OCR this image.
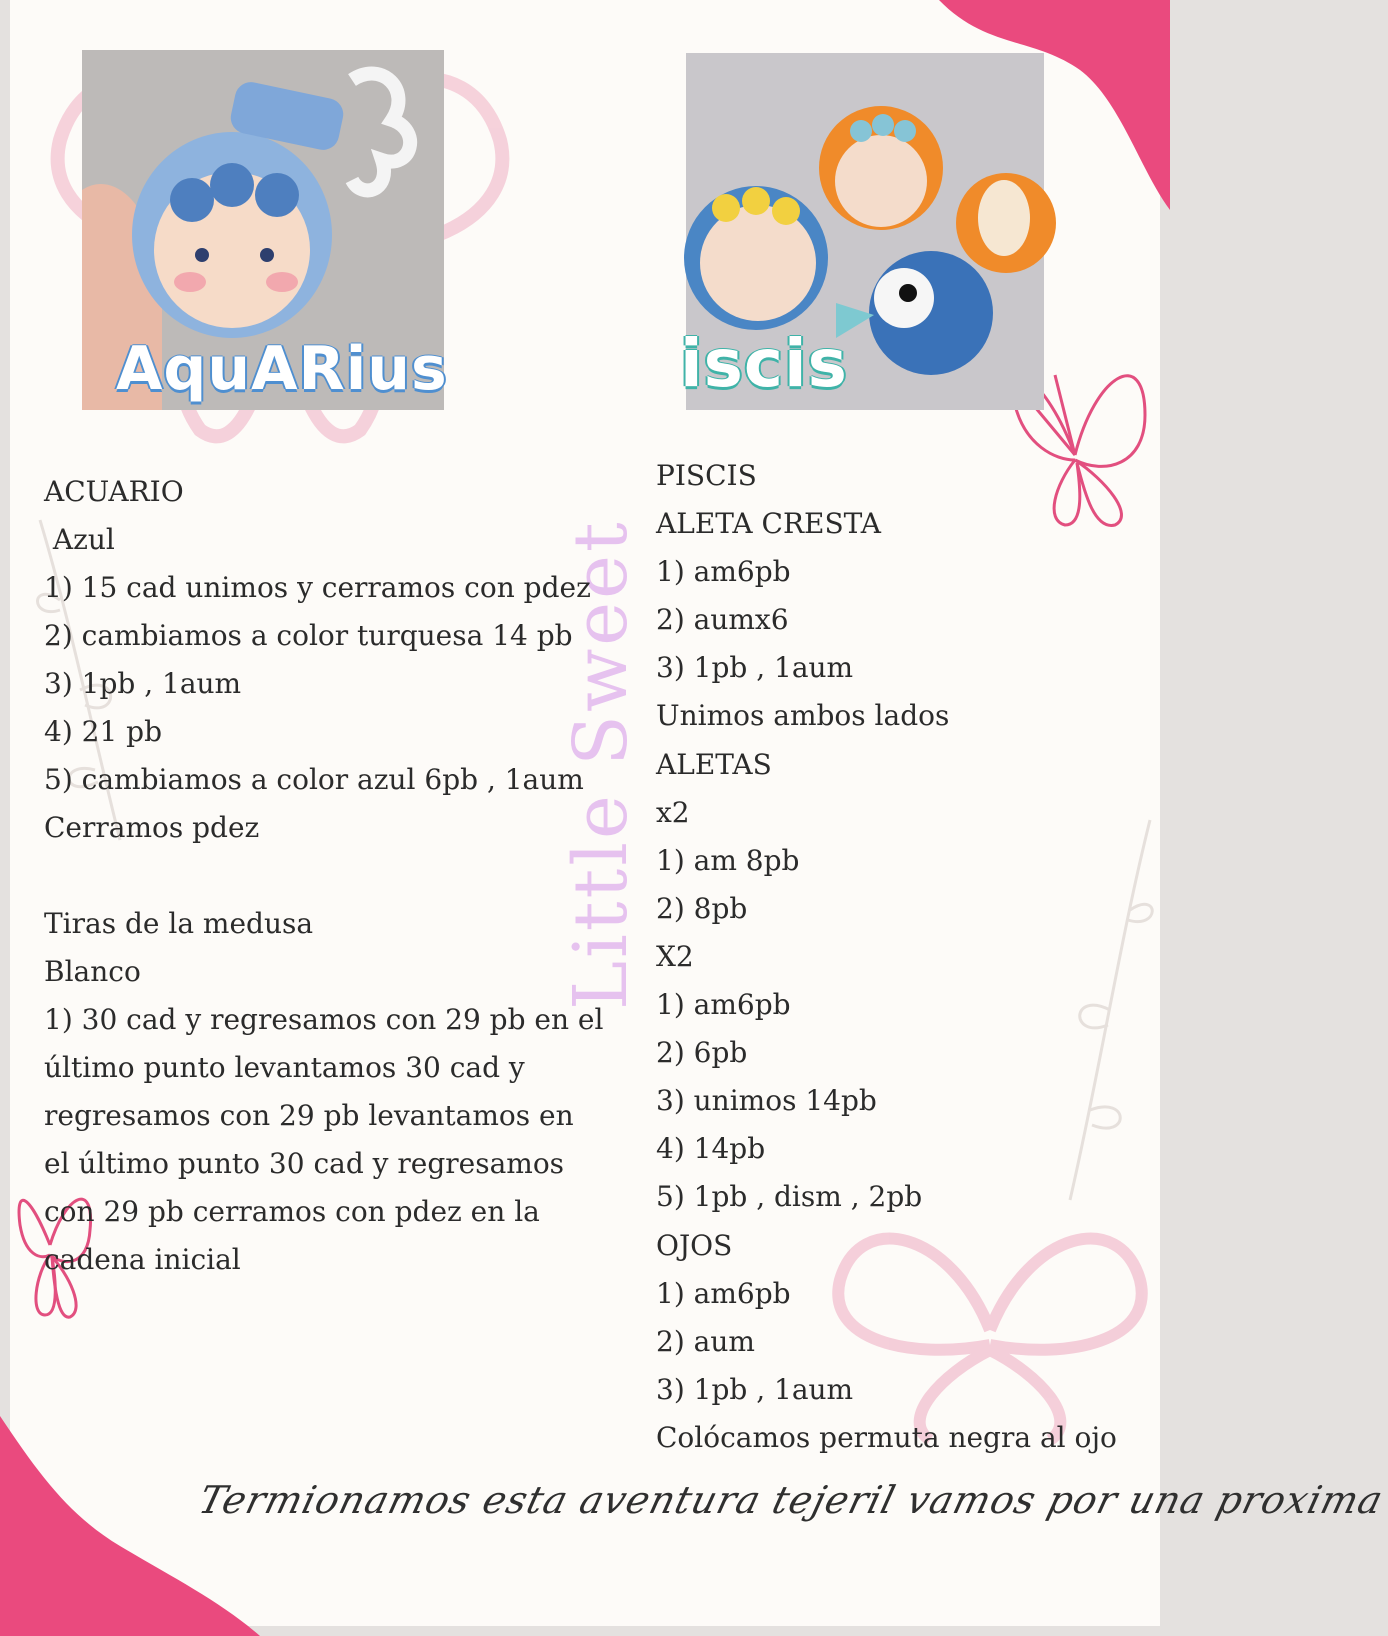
AquARius	iscis
Little Sweet
ACUARIO
Azul
1) 15 cad unimos y cerramos con pdez
2) cambiamos a color turquesa 14 pb
3) 1pb , 1aum
4) 21 pb
5) cambiamos a color azul 6pb , 1aum
Cerramos pdez
Tiras de la medusa
Blanco
1) 30 cad y regresamos con 29 pb en el último punto levantamos 30 cad y regresamos con 29 pb levantamos en el último punto 30 cad y regresamos con 29 pb cerramos con pdez en la cadena inicial
PISCIS
ALETA CRESTA
1) am6pb
2) aumx6
3) 1pb , 1aum
Unimos ambos lados
ALETAS
x2
1) am 8pb
2) 8pb
X2
1) am6pb
2) 6pb
3) unimos 14pb
4) 14pb
5) 1pb , dism , 2pb
OJOS
1) am6pb
2) aum
3) 1pb , 1aum
Colócamos permuta negra al ojo
Termionamos esta aventura tejeril vamos por una proxima
